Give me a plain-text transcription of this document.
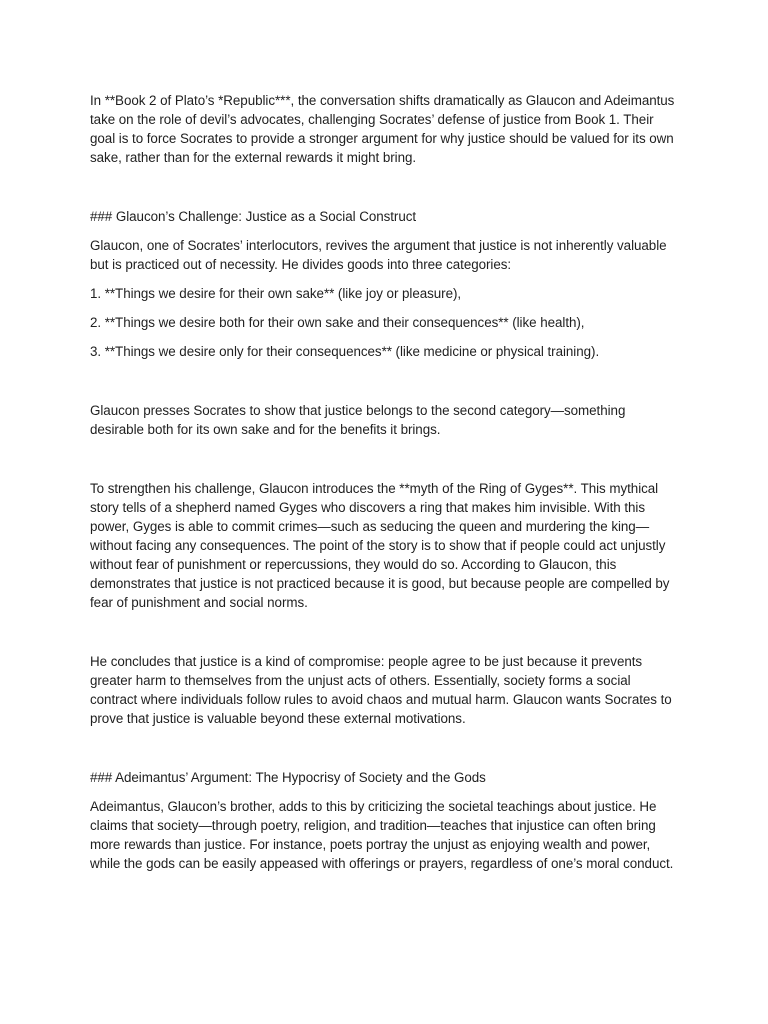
In **Book 2 of Plato’s *Republic***, the conversation shifts dramatically as Glaucon and Adeimantus take on the role of devil’s advocates, challenging Socrates’ defense of justice from Book 1. Their goal is to force Socrates to provide a stronger argument for why justice should be valued for its own sake, rather than for the external rewards it might bring.

### Glaucon’s Challenge: Justice as a Social Construct

Glaucon, one of Socrates’ interlocutors, revives the argument that justice is not inherently valuable but is practiced out of necessity. He divides goods into three categories:

1. **Things we desire for their own sake** (like joy or pleasure),

2. **Things we desire both for their own sake and their consequences** (like health),

3. **Things we desire only for their consequences** (like medicine or physical training).

Glaucon presses Socrates to show that justice belongs to the second category—something desirable both for its own sake and for the benefits it brings.

To strengthen his challenge, Glaucon introduces the **myth of the Ring of Gyges**. This mythical story tells of a shepherd named Gyges who discovers a ring that makes him invisible. With this power, Gyges is able to commit crimes—such as seducing the queen and murdering the king—without facing any consequences. The point of the story is to show that if people could act unjustly without fear of punishment or repercussions, they would do so. According to Glaucon, this demonstrates that justice is not practiced because it is good, but because people are compelled by fear of punishment and social norms.

He concludes that justice is a kind of compromise: people agree to be just because it prevents greater harm to themselves from the unjust acts of others. Essentially, society forms a social contract where individuals follow rules to avoid chaos and mutual harm. Glaucon wants Socrates to prove that justice is valuable beyond these external motivations.

### Adeimantus’ Argument: The Hypocrisy of Society and the Gods

Adeimantus, Glaucon’s brother, adds to this by criticizing the societal teachings about justice. He claims that society—through poetry, religion, and tradition—teaches that injustice can often bring more rewards than justice. For instance, poets portray the unjust as enjoying wealth and power, while the gods can be easily appeased with offerings or prayers, regardless of one’s moral conduct.
